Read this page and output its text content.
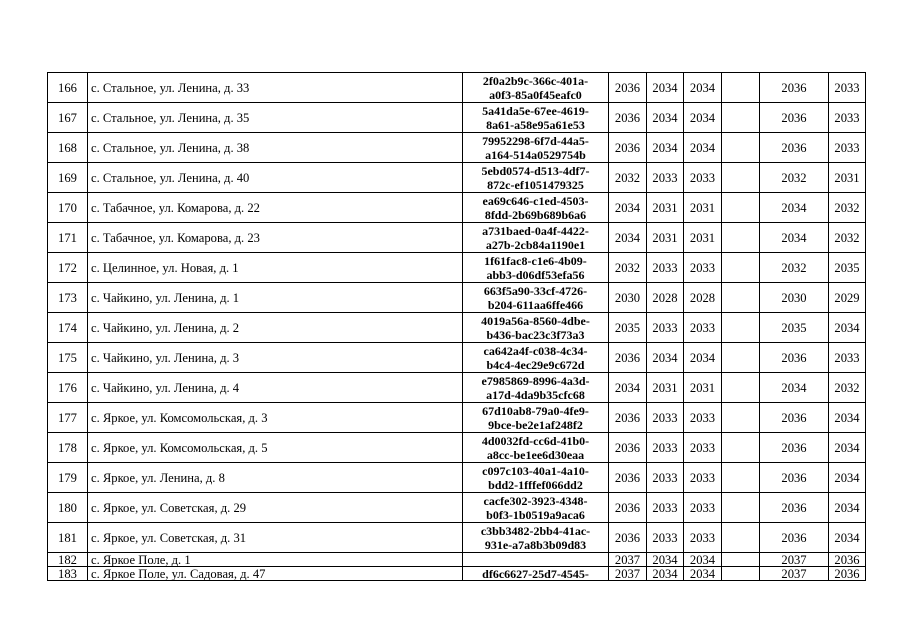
166	с. Стальное, ул. Ленина, д. 33	2f0a2b9c-366c-401a-
a0f3-85a0f45eafc0	2036	2034	2034		2036	2033
167	с. Стальное, ул. Ленина, д. 35	5a41da5e-67ee-4619-
8a61-a58e95a61e53	2036	2034	2034		2036	2033
168	с. Стальное, ул. Ленина, д. 38	79952298-6f7d-44a5-
a164-514a0529754b	2036	2034	2034		2036	2033
169	с. Стальное, ул. Ленина, д. 40	5ebd0574-d513-4df7-
872c-ef1051479325	2032	2033	2033		2032	2031
170	с. Табачное, ул. Комарова, д. 22	ea69c646-c1ed-4503-
8fdd-2b69b689b6a6	2034	2031	2031		2034	2032
171	с. Табачное, ул. Комарова, д. 23	a731baed-0a4f-4422-
a27b-2cb84a1190e1	2034	2031	2031		2034	2032
172	с. Целинное, ул. Новая, д. 1	1f61fac8-c1e6-4b09-
abb3-d06df53efa56	2032	2033	2033		2032	2035
173	с. Чайкино, ул. Ленина, д. 1	663f5a90-33cf-4726-
b204-611aa6ffe466	2030	2028	2028		2030	2029
174	с. Чайкино, ул. Ленина, д. 2	4019a56a-8560-4dbe-
b436-bac23c3f73a3	2035	2033	2033		2035	2034
175	с. Чайкино, ул. Ленина, д. 3	ca642a4f-c038-4c34-
b4c4-4ec29e9c672d	2036	2034	2034		2036	2033
176	с. Чайкино, ул. Ленина, д. 4	e7985869-8996-4a3d-
a17d-4da9b35cfc68	2034	2031	2031		2034	2032
177	с. Яркое, ул. Комсомольская, д. 3	67d10ab8-79a0-4fe9-
9bce-be2e1af248f2	2036	2033	2033		2036	2034
178	с. Яркое, ул. Комсомольская, д. 5	4d0032fd-cc6d-41b0-
a8cc-be1ee6d30eaa	2036	2033	2033		2036	2034
179	с. Яркое, ул. Ленина, д. 8	c097c103-40a1-4a10-
bdd2-1fffef066dd2	2036	2033	2033		2036	2034
180	с. Яркое, ул. Советская, д. 29	cacfe302-3923-4348-
b0f3-1b0519a9aca6	2036	2033	2033		2036	2034
181	с. Яркое, ул. Советская, д. 31	c3bb3482-2bb4-41ac-
931e-a7a8b3b09d83	2036	2033	2033		2036	2034
182	с. Яркое Поле, д. 1		2037	2034	2034		2037	2036
183	с. Яркое Поле, ул. Садовая, д. 47	df6c6627-25d7-4545-	2037	2034	2034		2037	2036
